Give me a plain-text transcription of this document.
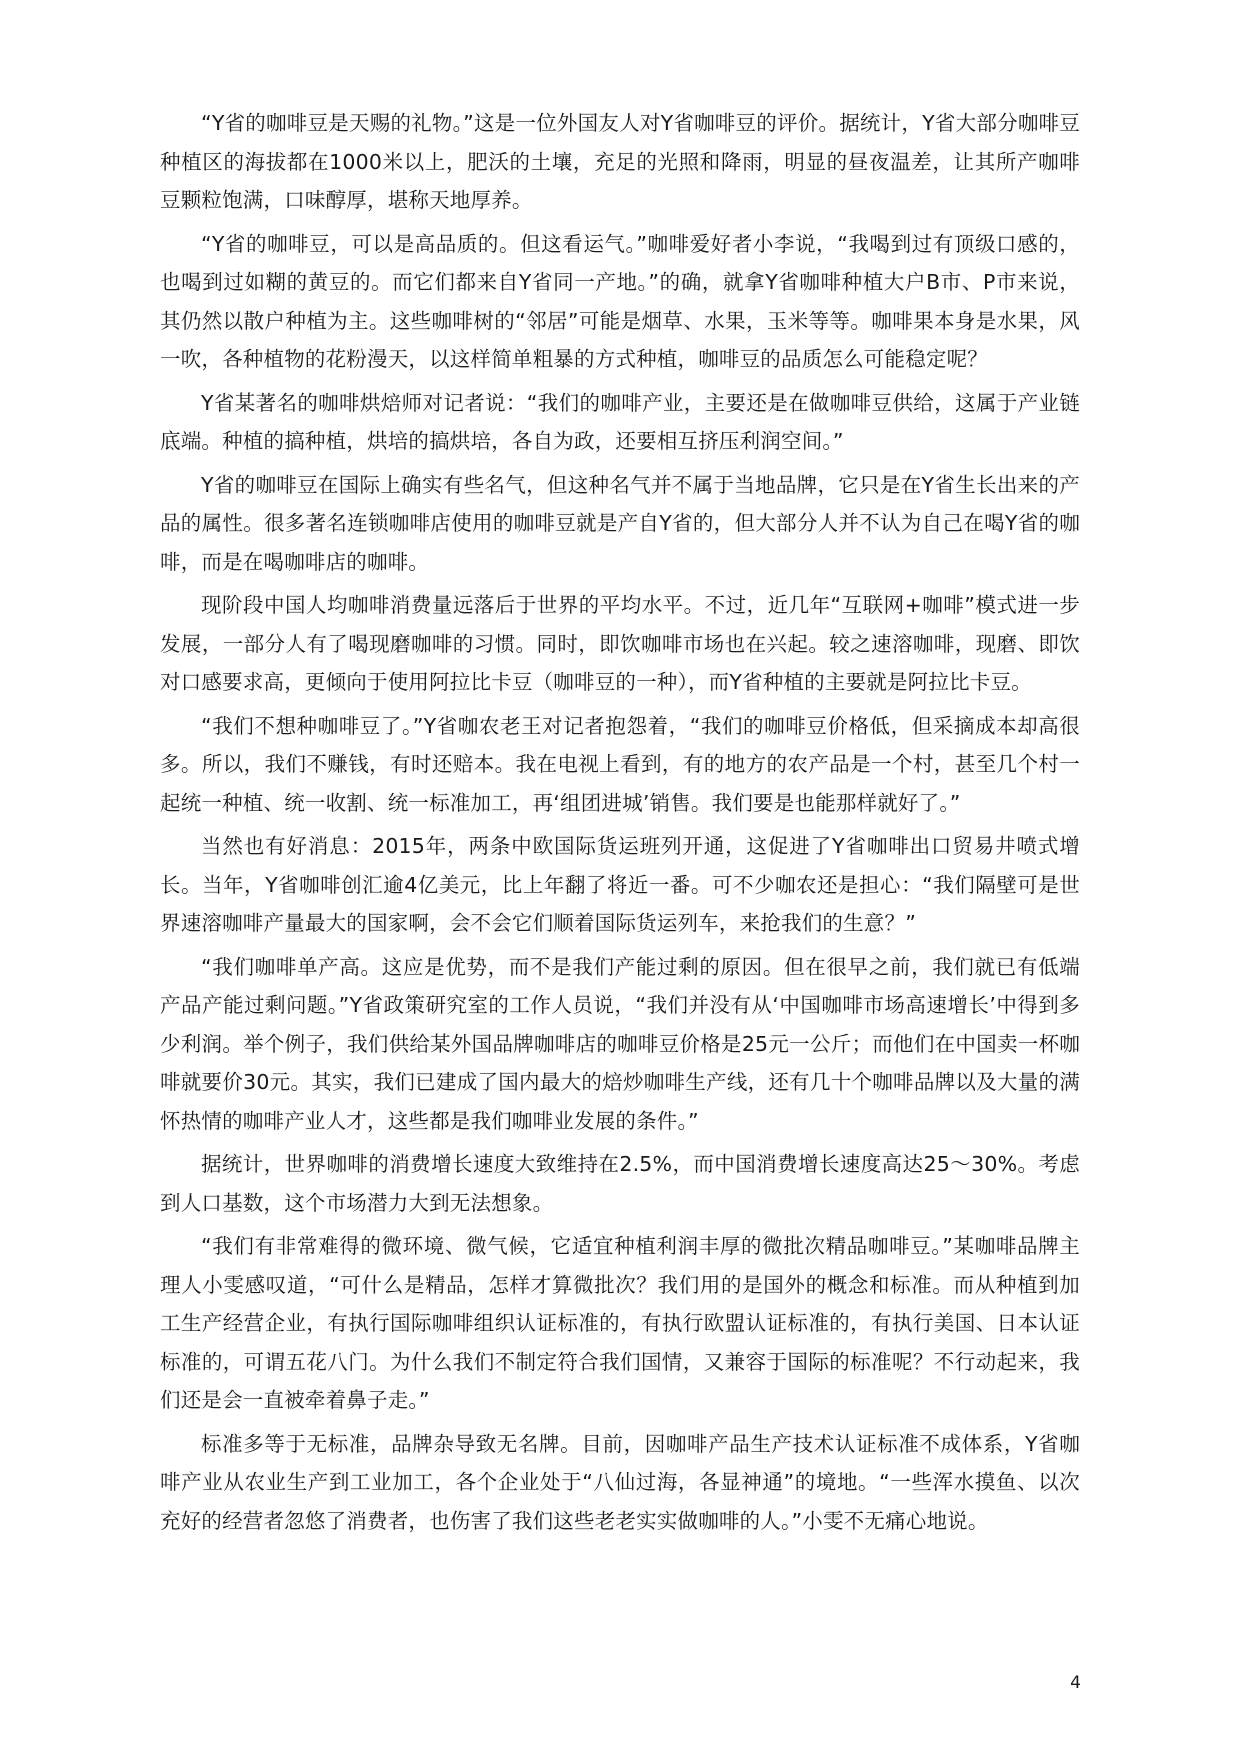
“Y省的咖啡豆是天赐的礼物。”这是一位外国友人对Y省咖啡豆的评价。据统计，Y省大部分咖啡豆种植区的海拔都在1000米以上，肥沃的土壤，充足的光照和降雨，明显的昼夜温差，让其所产咖啡豆颗粒饱满，口味醇厚，堪称天地厚养。

“Y省的咖啡豆，可以是高品质的。但这看运气。”咖啡爱好者小李说，“我喝到过有顶级口感的，也喝到过如糊的黄豆的。而它们都来自Y省同一产地。”的确，就拿Y省咖啡种植大户B市、P市来说，其仍然以散户种植为主。这些咖啡树的“邻居”可能是烟草、水果，玉米等等。咖啡果本身是水果，风一吹，各种植物的花粉漫天，以这样简单粗暴的方式种植，咖啡豆的品质怎么可能稳定呢？

Y省某著名的咖啡烘焙师对记者说：“我们的咖啡产业，主要还是在做咖啡豆供给，这属于产业链底端。种植的搞种植，烘培的搞烘培，各自为政，还要相互挤压利润空间。”

Y省的咖啡豆在国际上确实有些名气，但这种名气并不属于当地品牌，它只是在Y省生长出来的产品的属性。很多著名连锁咖啡店使用的咖啡豆就是产自Y省的，但大部分人并不认为自己在喝Y省的咖啡，而是在喝咖啡店的咖啡。

现阶段中国人均咖啡消费量远落后于世界的平均水平。不过，近几年“互联网+咖啡”模式进一步发展，一部分人有了喝现磨咖啡的习惯。同时，即饮咖啡市场也在兴起。较之速溶咖啡，现磨、即饮对口感要求高，更倾向于使用阿拉比卡豆（咖啡豆的一种），而Y省种植的主要就是阿拉比卡豆。

“我们不想种咖啡豆了。”Y省咖农老王对记者抱怨着，“我们的咖啡豆价格低，但采摘成本却高很多。所以，我们不赚钱，有时还赔本。我在电视上看到，有的地方的农产品是一个村，甚至几个村一起统一种植、统一收割、统一标准加工，再‘组团进城’销售。我们要是也能那样就好了。”

当然也有好消息：2015年，两条中欧国际货运班列开通，这促进了Y省咖啡出口贸易井喷式增长。当年，Y省咖啡创汇逾4亿美元，比上年翻了将近一番。可不少咖农还是担心：“我们隔壁可是世界速溶咖啡产量最大的国家啊，会不会它们顺着国际货运列车，来抢我们的生意？”

“我们咖啡单产高。这应是优势，而不是我们产能过剩的原因。但在很早之前，我们就已有低端产品产能过剩问题。”Y省政策研究室的工作人员说，“我们并没有从‘中国咖啡市场高速增长’中得到多少利润。举个例子，我们供给某外国品牌咖啡店的咖啡豆价格是25元一公斤；而他们在中国卖一杯咖啡就要价30元。其实，我们已建成了国内最大的焙炒咖啡生产线，还有几十个咖啡品牌以及大量的满怀热情的咖啡产业人才，这些都是我们咖啡业发展的条件。”

据统计，世界咖啡的消费增长速度大致维持在2.5%，而中国消费增长速度高达25～30%。考虑到人口基数，这个市场潜力大到无法想象。

“我们有非常难得的微环境、微气候，它适宜种植利润丰厚的微批次精品咖啡豆。”某咖啡品牌主理人小雯感叹道，“可什么是精品，怎样才算微批次？我们用的是国外的概念和标准。而从种植到加工生产经营企业，有执行国际咖啡组织认证标准的，有执行欧盟认证标准的，有执行美国、日本认证标准的，可谓五花八门。为什么我们不制定符合我们国情，又兼容于国际的标准呢？不行动起来，我们还是会一直被牵着鼻子走。”

标准多等于无标准，品牌杂导致无名牌。目前，因咖啡产品生产技术认证标准不成体系，Y省咖啡产业从农业生产到工业加工，各个企业处于“八仙过海，各显神通”的境地。“一些浑水摸鱼、以次充好的经营者忽悠了消费者，也伤害了我们这些老老实实做咖啡的人。”小雯不无痛心地说。

4
